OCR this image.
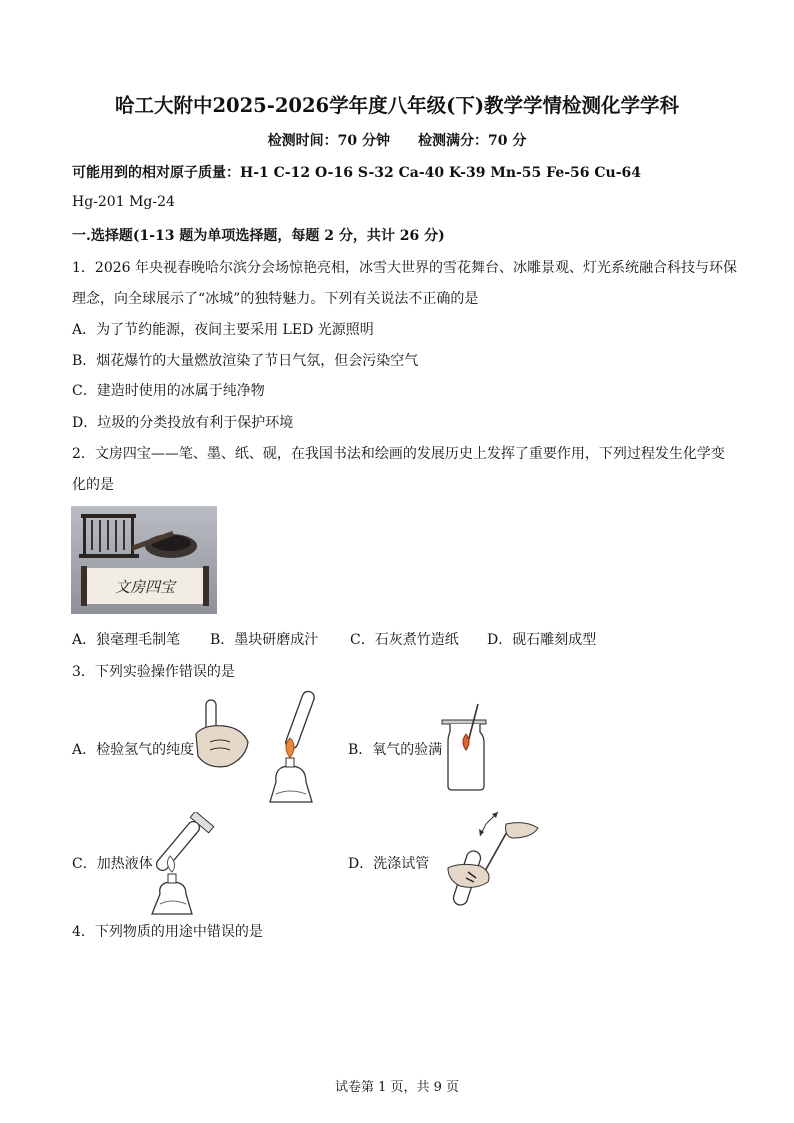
哈工大附中2025-2026学年度八年级(下)教学学情检测化学学科
检测时间：70 分钟　　检测满分：70 分
可能用到的相对原子质量：H-1 C-12 O-16 S-32 Ca-40 K-39 Mn-55 Fe-56 Cu-64
Hg-201 Mg-24
一.选择题(1-13 题为单项选择题，每题 2 分，共计 26 分)
1．2026 年央视春晚哈尔滨分会场惊艳亮相，冰雪大世界的雪花舞台、冰雕景观、灯光系统融合科技与环保
理念，向全球展示了“冰城”的独特魅力。下列有关说法不正确的是
A．为了节约能源，夜间主要采用 LED 光源照明
B．烟花爆竹的大量燃放渲染了节日气氛，但会污染空气
C．建造时使用的冰属于纯净物
D．垃圾的分类投放有利于保护环境
2．文房四宝——笔、墨、纸、砚，在我国书法和绘画的发展历史上发挥了重要作用，下列过程发生化学变
化的是
文房四宝
A．狼毫理毛制笔 B．墨块研磨成汁 C．石灰煮竹造纸 D．砚石雕刻成型
3．下列实验操作错误的是
A．检验氢气的纯度	B．氧气的验满
C．加热液体	D．洗涤试管
4．下列物质的用途中错误的是
试卷第 1 页，共 9 页
